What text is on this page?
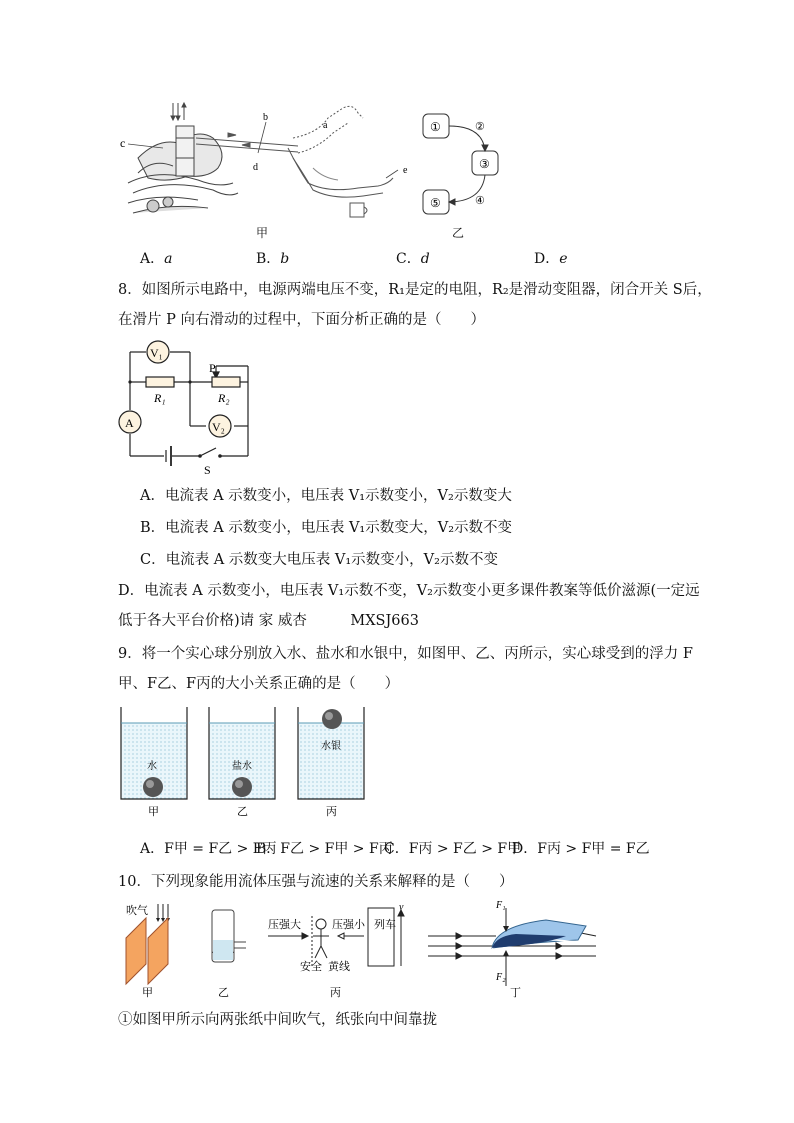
c
b
d
a
e
甲
①	②
③
④
⑤
乙
A．a	B．b	C．d	D．e
8．如图所示电路中，电源两端电压不变，R₁是定的电阻，R₂是滑动变阻器，闭合开关 S后，
在滑片 P 向右滑动的过程中，下面分析正确的是（　　）
V₁
A	V₂
P
R₁	R₂
S
A．电流表 A 示数变小，电压表 V₁示数变小，V₂示数变大
B．电流表 A 示数变小，电压表 V₁示数变大，V₂示数不变
C．电流表 A 示数变大电压表 V₁示数变小，V₂示数不变
D．电流表 A 示数变小，电压表 V₁示数不变，V₂示数变小更多课件教案等低价滋源(一定远
低于各大平台价格)请 家 威杏　　　MXSJ663
9．将一个实心球分别放入水、盐水和水银中，如图甲、乙、丙所示，实心球受到的浮力 F
甲、F乙、F丙的大小关系正确的是（　　）
水	盐水
水银
甲	乙	丙
A．F甲 = F乙 > F丙
B．F乙 > F甲 > F丙
C．F丙 > F乙 > F甲
D．F丙 > F甲 = F乙
10．下列现象能用流体压强与流速的关系来解释的是（　　）
吹气
甲	乙
压强大	压强小 列车
v
安全 黄线
丙
F₁
F₂
丁
①如图甲所示向两张纸中间吹气，纸张向中间靠拢
